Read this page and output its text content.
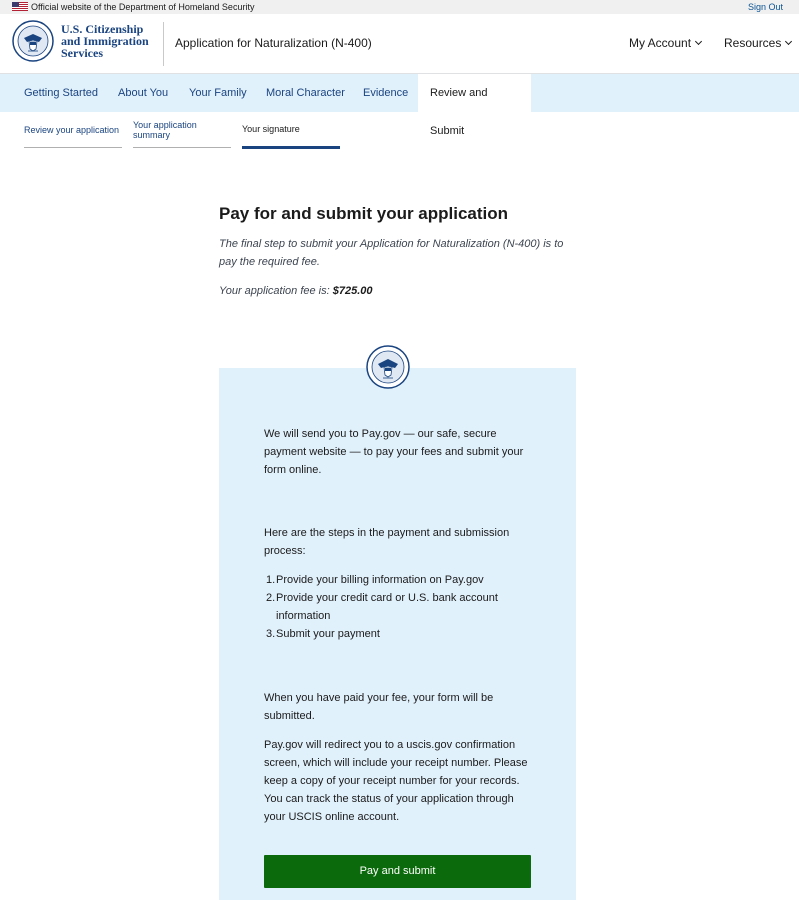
Official website of the Department of Homeland Security	Sign Out
U.S. Citizenship
and Immigration
Services
Application for Naturalization (N-400)	My Account	Resources
Getting Started	About You	Your Family	Moral Character	Evidence	Review and Submit
Review your application Your application
summary
Your signature
Pay for and submit your application

The final step to submit your Application for Naturalization (N-400) is to pay the required fee.

Your application fee is: $725.00

We will send you to Pay.gov — our safe, secure payment website — to pay your fees and submit your form online.

Here are the steps in the payment and submission process:

1. Provide your billing information on Pay.gov
2. Provide your credit card or U.S. bank account information
3. Submit your payment

When you have paid your fee, your form will be submitted.

Pay.gov will redirect you to a uscis.gov confirmation screen, which will include your receipt number. Please keep a copy of your receipt number for your records. You can track the status of your application through your USCIS online account.

Pay and submit
